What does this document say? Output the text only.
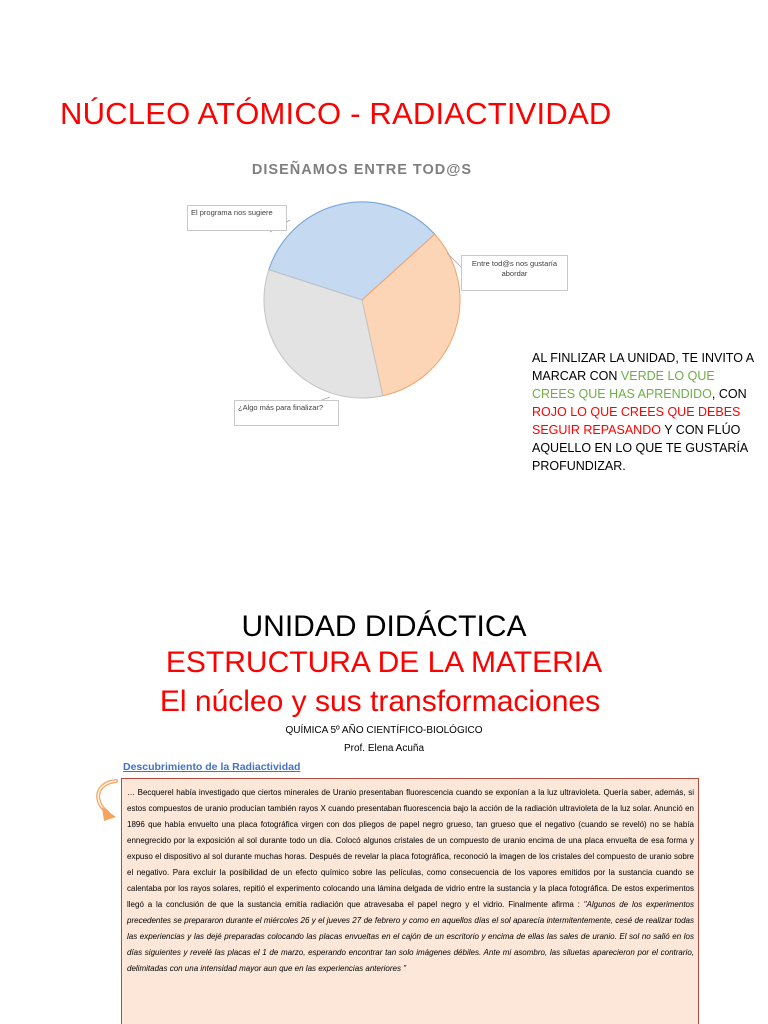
NÚCLEO ATÓMICO - RADIACTIVIDAD
DISEÑAMOS ENTRE TOD@S
El programa nos sugiere
Entre tod@s nos gustaría abordar
¿Algo más para finalizar?
AL FINLIZAR LA UNIDAD, TE INVITO A MARCAR CON VERDE LO QUE CREES QUE HAS APRENDIDO, CON ROJO LO QUE CREES QUE DEBES SEGUIR REPASANDO Y CON FLÚO AQUELLO EN LO QUE TE GUSTARÍA PROFUNDIZAR.
UNIDAD DIDÁCTICA
ESTRUCTURA DE LA MATERIA
El núcleo y sus transformaciones
QUÍMICA 5º AÑO CIENTÍFICO-BIOLÓGICO
Prof. Elena Acuña
Descubrimiento de la Radiactividad
… Becquerel había investigado que ciertos minerales de Uranio presentaban fluorescencia cuando se exponían a la luz ultravioleta. Quería saber, además, si estos compuestos de uranio producían también rayos X cuando presentaban fluorescencia bajo la acción de la radiación ultravioleta de la luz solar. Anunció en 1896 que había envuelto una placa fotográfica virgen con dos pliegos de papel negro grueso, tan grueso que el negativo (cuando se reveló) no se había ennegrecido por la exposición al sol durante todo un día. Colocó algunos cristales de un compuesto de uranio encima de una placa envuelta de esa forma y expuso el dispositivo al sol durante muchas horas. Después de revelar la placa fotográfica, reconoció la imagen de los cristales del compuesto de uranio sobre el negativo. Para excluir la posibilidad de un efecto químico sobre las películas, como consecuencia de los vapores emitidos por la sustancia cuando se calentaba por los rayos solares, repitió el experimento colocando una lámina delgada de vidrio entre la sustancia y la placa fotográfica. De estos experimentos llegó a la conclusión de que la sustancia emitía radiación que atravesaba el papel negro y el vidrio. Finalmente afirma : "Algunos de los experimentos precedentes se prepararon durante el miércoles 26 y el jueves 27 de febrero y como en aquellos días el sol aparecía intermitentemente, cesé de realizar todas las experiencias y las dejé preparadas colocando las placas envueltas en el cajón de un escritorio y encima de ellas las sales de uranio. El sol no salió en los días siguientes y revelé las placas el 1 de marzo, esperando encontrar tan solo imágenes débiles. Ante mi asombro, las siluetas aparecieron por el contrario, delimitadas con una intensidad mayor aun que en las experiencias anteriores "
